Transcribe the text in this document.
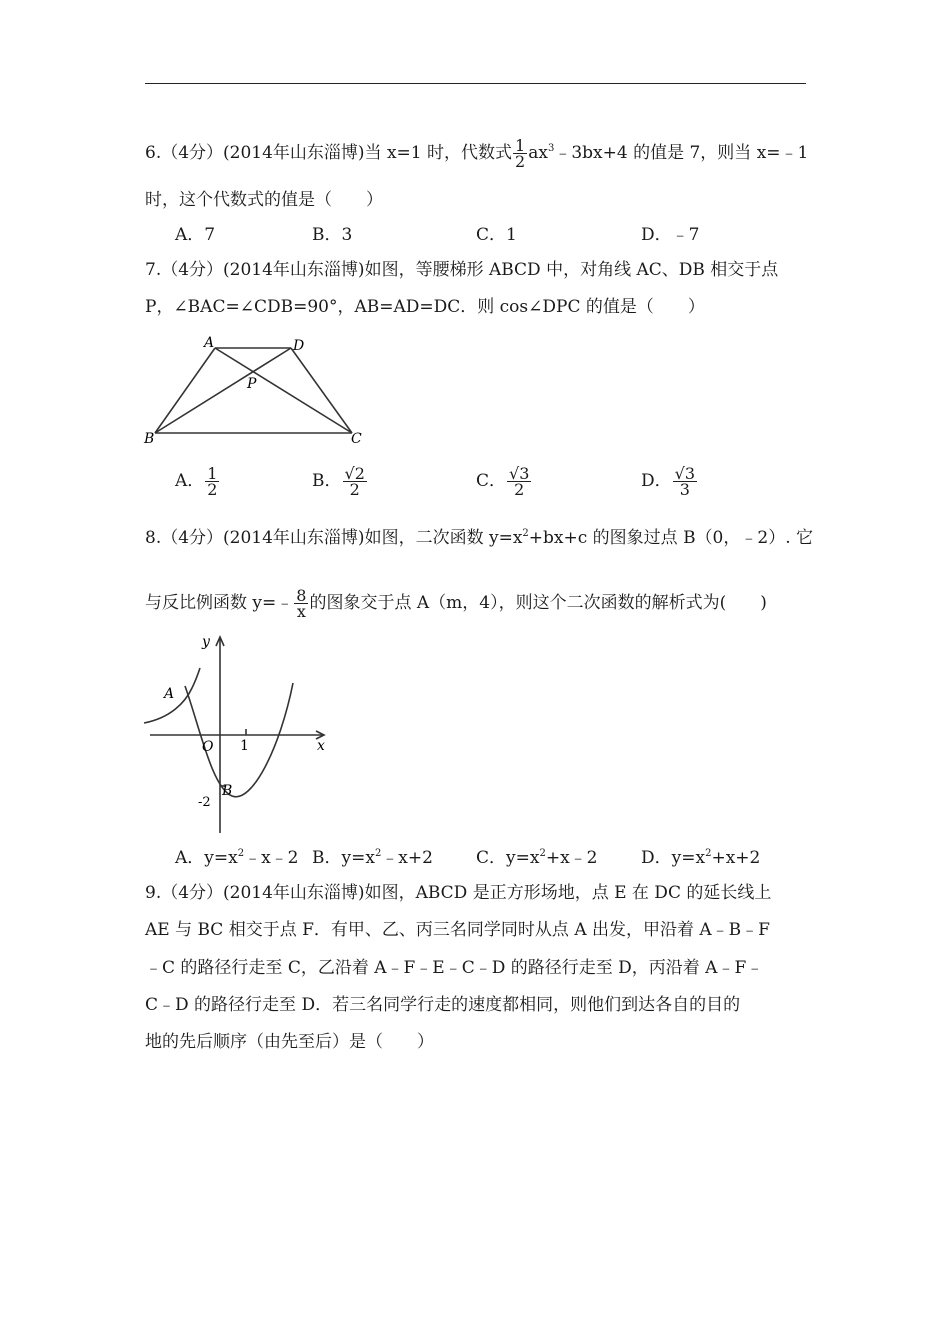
6.（4分）(2014年山东淄博)当 x=1 时，代数式 $\frac{1}{2}$ $ax^3﹣3bx+4$ 的值是 7，则当 x=﹣1
时，这个代数式的值是（　　）
A．7	B．3	C．1	D．﹣7
7.（4分）(2014年山东淄博)如图，等腰梯形 ABCD 中，对角线 AC、DB 相交于点
P，∠BAC=∠CDB=90°，AB=AD=DC．则 cos∠DPC 的值是（　　）
A	D
P
B	C
A． $\frac{1}{2}$	B． $\frac{√2}{2}$	C． $\frac{√3}{2}$	D． $\frac{√3}{3}$
8.（4分）(2014年山东淄博)如图，二次函数 $y=x^2+bx+c$ 的图象过点 B（0，﹣2）. 它
与反比例函数 y=﹣ $\frac{8}{x}$ 的图象交于点 A（m，4），则这个二次函数的解析式为(　　)
y
x
O 1
A
B
-2
A．$y=x^2﹣x﹣2$ B．$y=x^2﹣x+2$	C．$y=x^2+x﹣2$	D．$y=x^2+x+2$
9.（4分）(2014年山东淄博)如图，ABCD 是正方形场地，点 E 在 DC 的延长线上
AE 与 BC 相交于点 F．有甲、乙、丙三名同学同时从点 A 出发，甲沿着 A﹣B﹣F
﹣C 的路径行走至 C，乙沿着 A﹣F﹣E﹣C﹣D 的路径行走至 D，丙沿着 A﹣F﹣
C﹣D 的路径行走至 D．若三名同学行走的速度都相同，则他们到达各自的目的
地的先后顺序（由先至后）是（　　）
